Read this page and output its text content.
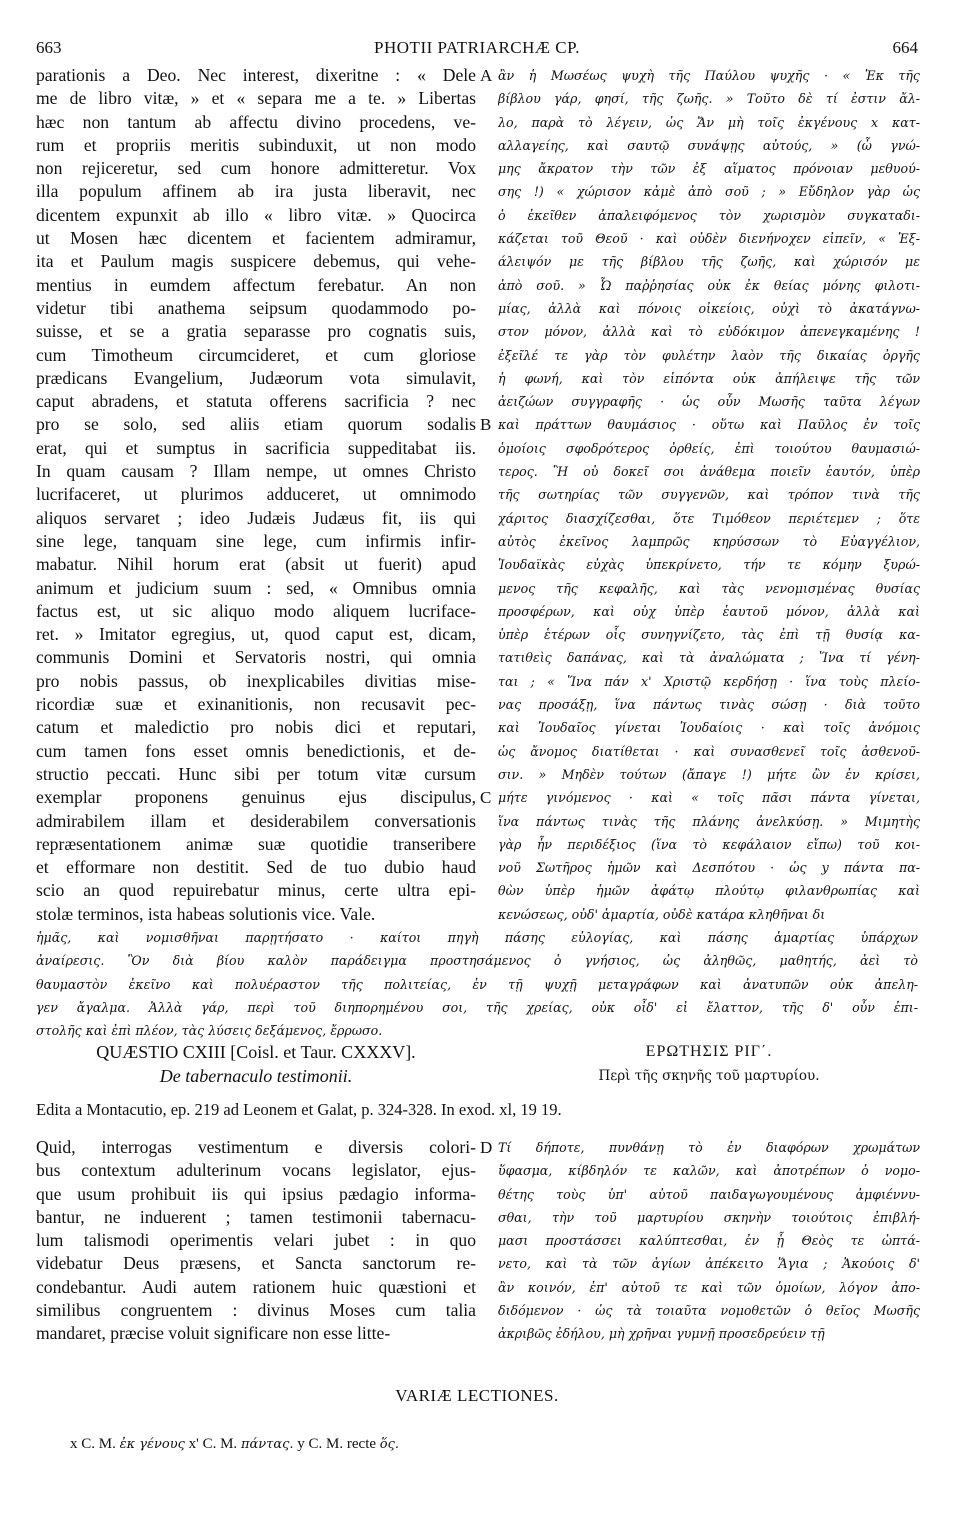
663	PHOTII PATRIARCHÆ CP.	664
parationis a Deo. Nec interest, dixeritne : « Dele
me de libro vitæ, » et « separa me a te. » Libertas
hæc non tantum ab affectu divino procedens, ve-
rum et propriis meritis subinduxit, ut non modo
non rejiceretur, sed cum honore admitteretur. Vox
illa populum affinem ab ira justa liberavit, nec
dicentem expunxit ab illo « libro vitæ. » Quocirca
ut Mosen hæc dicentem et facientem admiramur,
ita et Paulum magis suspicere debemus, qui vehe-
mentius in eumdem affectum ferebatur. An non
videtur tibi anathema seipsum quodammodo po-
suisse, et se a gratia separasse pro cognatis suis,
cum Timotheum circumcideret, et cum gloriose
prædicans Evangelium, Judæorum vota simulavit,
caput abradens, et statuta offerens sacrificia ? nec
pro se solo, sed aliis etiam quorum sodalis
erat, qui et sumptus in sacrificia suppeditabat iis.
In quam causam ? Illam nempe, ut omnes Christo
lucrifaceret, ut plurimos adduceret, ut omnimodo
aliquos servaret ; ideo Judæis Judæus fit, iis qui
sine lege, tanquam sine lege, cum infirmis infir-
mabatur. Nihil horum erat (absit ut fuerit) apud
animum et judicium suum : sed, « Omnibus omnia
factus est, ut sic aliquo modo aliquem lucriface-
ret. » Imitator egregius, ut, quod caput est, dicam,
communis Domini et Servatoris nostri, qui omnia
pro nobis passus, ob inexplicabiles divitias mise-
ricordiæ suæ et exinanitionis, non recusavit pec-
catum et maledictio pro nobis dici et reputari,
cum tamen fons esset omnis benedictionis, et de-
structio peccati. Hunc sibi per totum vitæ cursum
exemplar proponens genuinus ejus discipulus,
admirabilem illam et desiderabilem conversationis
repræsentationem animæ suæ quotidie transeribere
et efformare non destitit. Sed de tuo dubio haud
scio an quod repuirebatur minus, certe ultra epi-
stolæ terminos, ista habeas solutionis vice. Vale.
ἂν ἡ Μωσέως ψυχὴ τῆς Παύλου ψυχῆς · « Ἐκ τῆς
βίβλου γάρ, φησί, τῆς ζωῆς. » Τοῦτο δὲ τί ἐστιν ἄλ-
λο, παρὰ τὸ λέγειν, ὡς Ἄν μὴ τοῖς ἐκγένους x κατ-
αλλαγείης, καὶ σαυτῷ συνάψῃς αὐτούς, » (ὦ γνώ-
μης ἄκρατον τὴν τῶν ἐξ αἵματος πρόνοιαν μεθυού-
σης !) « χώρισον κἀμὲ ἀπὸ σοῦ ; » Εὔδηλον γὰρ ὡς
ὁ ἐκεῖθεν ἀπαλειφόμενος τὸν χωρισμὸν συγκαταδι-
κάζεται τοῦ Θεοῦ · καὶ οὐδὲν διενήνοχεν εἰπεῖν, « Ἐξ-
άλειψόν με τῆς βίβλου τῆς ζωῆς, καὶ χώρισόν με
ἀπὸ σοῦ. » Ὦ παῤῥησίας οὐκ ἐκ θείας μόνης φιλοτι-
μίας, ἀλλὰ καὶ πόνοις οἰκείοις, οὐχὶ τὸ ἀκατάγνω-
στον μόνον, ἀλλὰ καὶ τὸ εὐδόκιμον ἀπενεγκαμένης !
ἐξεῖλέ τε γὰρ τὸν φυλέτην λαὸν τῆς δικαίας ὀργῆς
ἡ φωνή, καὶ τὸν εἰπόντα οὐκ ἀπήλειψε τῆς τῶν
ἀειζώων συγγραφῆς · ὡς οὖν Μωσῆς ταῦτα λέγων
καὶ πράττων θαυμάσιος · οὕτω καὶ Παῦλος ἐν τοῖς
ὁμοίοις σφοδρότερος ὀρθείς, ἐπὶ τοιούτου θαυμασιώ-
τερος. Ἢ οὐ δοκεῖ σοι ἀνάθεμα ποιεῖν ἑαυτόν, ὑπὲρ
τῆς σωτηρίας τῶν συγγενῶν, καὶ τρόπον τινὰ τῆς
χάριτος διασχίζεσθαι, ὅτε Τιμόθεον περιέτεμεν ; ὅτε
αὐτὸς ἐκεῖνος λαμπρῶς κηρύσσων τὸ Εὐαγγέλιον,
Ἰουδαϊκὰς εὐχὰς ὑπεκρίνετο, τήν τε κόμην ξυρώ-
μενος τῆς κεφαλῆς, καὶ τὰς νενομισμένας θυσίας
προσφέρων, καὶ οὐχ ὑπὲρ ἑαυτοῦ μόνον, ἀλλὰ καὶ
ὑπὲρ ἑτέρων οἷς συνηγνίζετο, τὰς ἐπὶ τῇ θυσίᾳ κα-
τατιθεὶς δαπάνας, καὶ τὰ ἀναλώματα ; Ἵνα τί γένη-
ται ; « Ἵνα πάν x' Χριστῷ κερδήσῃ · ἵνα τοὺς πλείο-
νας προσάξῃ, ἵνα πάντως τινὰς σώσῃ · διὰ τοῦτο
καὶ Ἰουδαῖος γίνεται Ἰουδαίοις · καὶ τοῖς ἀνόμοις
ὡς ἄνομος διατίθεται · καὶ συνασθενεῖ τοῖς ἀσθενοῦ-
σιν. » Μηδὲν τούτων (ἄπαγε !) μήτε ὢν ἐν κρίσει,
μήτε γινόμενος · καὶ « τοῖς πᾶσι πάντα γίνεται,
ἵνα πάντως τινὰς τῆς πλάνης ἀνελκύσῃ. » Μιμητὴς
γὰρ ἦν περιδέξιος (ἵνα τὸ κεφάλαιον εἴπω) τοῦ κοι-
νοῦ Σωτῆρος ἡμῶν καὶ Δεσπότου · ὡς y πάντα πα-
θὼν ὑπὲρ ἡμῶν ἀφάτῳ πλούτῳ φιλανθρωπίας καὶ
κενώσεως, οὐδ' ἁμαρτία, οὐδὲ κατάρα κληθῆναι δι
A
B
C
D
ἡμᾶς, καὶ νομισθῆναι παρῃτήσατο · καίτοι πηγὴ πάσης εὐλογίας, καὶ πάσης ἁμαρτίας ὑπάρχων
ἀναίρεσις. Ὃν διὰ βίου καλὸν παράδειγμα προστησάμενος ὁ γνήσιος, ὡς ἀληθῶς, μαθητής, ἀεὶ τὸ
θαυμαστὸν ἐκεῖνο καὶ πολυέραστον τῆς πολιτείας, ἐν τῇ ψυχῇ μεταγράφων καὶ ἀνατυπῶν οὐκ ἀπελη-
γεν ἄγαλμα. Ἀλλὰ γάρ, περὶ τοῦ διηπορημένου σοι, τῆς χρείας, οὐκ οἶδ' εἰ ἔλαττον, τῆς δ' οὖν ἐπι-
στολῆς καὶ ἐπὶ πλέον, τὰς λύσεις δεξάμενος, ἔρρωσο.
QUÆSTIO CXIII [Coisl. et Taur. CXXXV].
De tabernaculo testimonii.
ΕΡΩΤΗΣΙΣ ΡΙΓ΄.
Περὶ τῆς σκηνῆς τοῦ μαρτυρίου.
Edita a Montacutio, ep. 219 ad Leonem et Galat, p. 324-328. In exod. xl, 19 19.
Quid, interrogas vestimentum e diversis colori-
bus contextum adulterinum vocans legislator, ejus-
que usum prohibuit iis qui ipsius pædagio informa-
bantur, ne induerent ; tamen testimonii tabernacu-
lum talismodi operimentis velari jubet : in quo
videbatur Deus præsens, et Sancta sanctorum re-
condebantur. Audi autem rationem huic quæstioni et
similibus congruentem : divinus Moses cum talia
mandaret, præcise voluit significare non esse litte-
Τί δήποτε, πυνθάνῃ τὸ ἐν διαφόρων χρωμάτων
ὕφασμα, κίβδηλόν τε καλῶν, καὶ ἀποτρέπων ὁ νομο-
θέτης τοὺς ὑπ' αὐτοῦ παιδαγωγουμένους ἀμφιέννυ-
σθαι, τὴν τοῦ μαρτυρίου σκηνὴν τοιούτοις ἐπιβλή-
μασι προστάσσει καλύπτεσθαι, ἐν ᾗ Θεὸς τε ὠπτά-
νετο, καὶ τὰ τῶν ἁγίων ἀπέκειτο Ἅγια ; Ἀκούοις δ'
ἂν κοινόν, ἐπ' αὐτοῦ τε καὶ τῶν ὁμοίων, λόγον ἀπο-
διδόμενον · ὡς τὰ τοιαῦτα νομοθετῶν ὁ θεῖος Μωσῆς
ἀκριβῶς ἐδήλου, μὴ χρῆναι γυμνῇ προσεδρεύειν τῇ
VARIÆ LECTIONES.
x C. M. ἐκ γένους x' C. M. πάντας. y C. M. recte ὅς.
